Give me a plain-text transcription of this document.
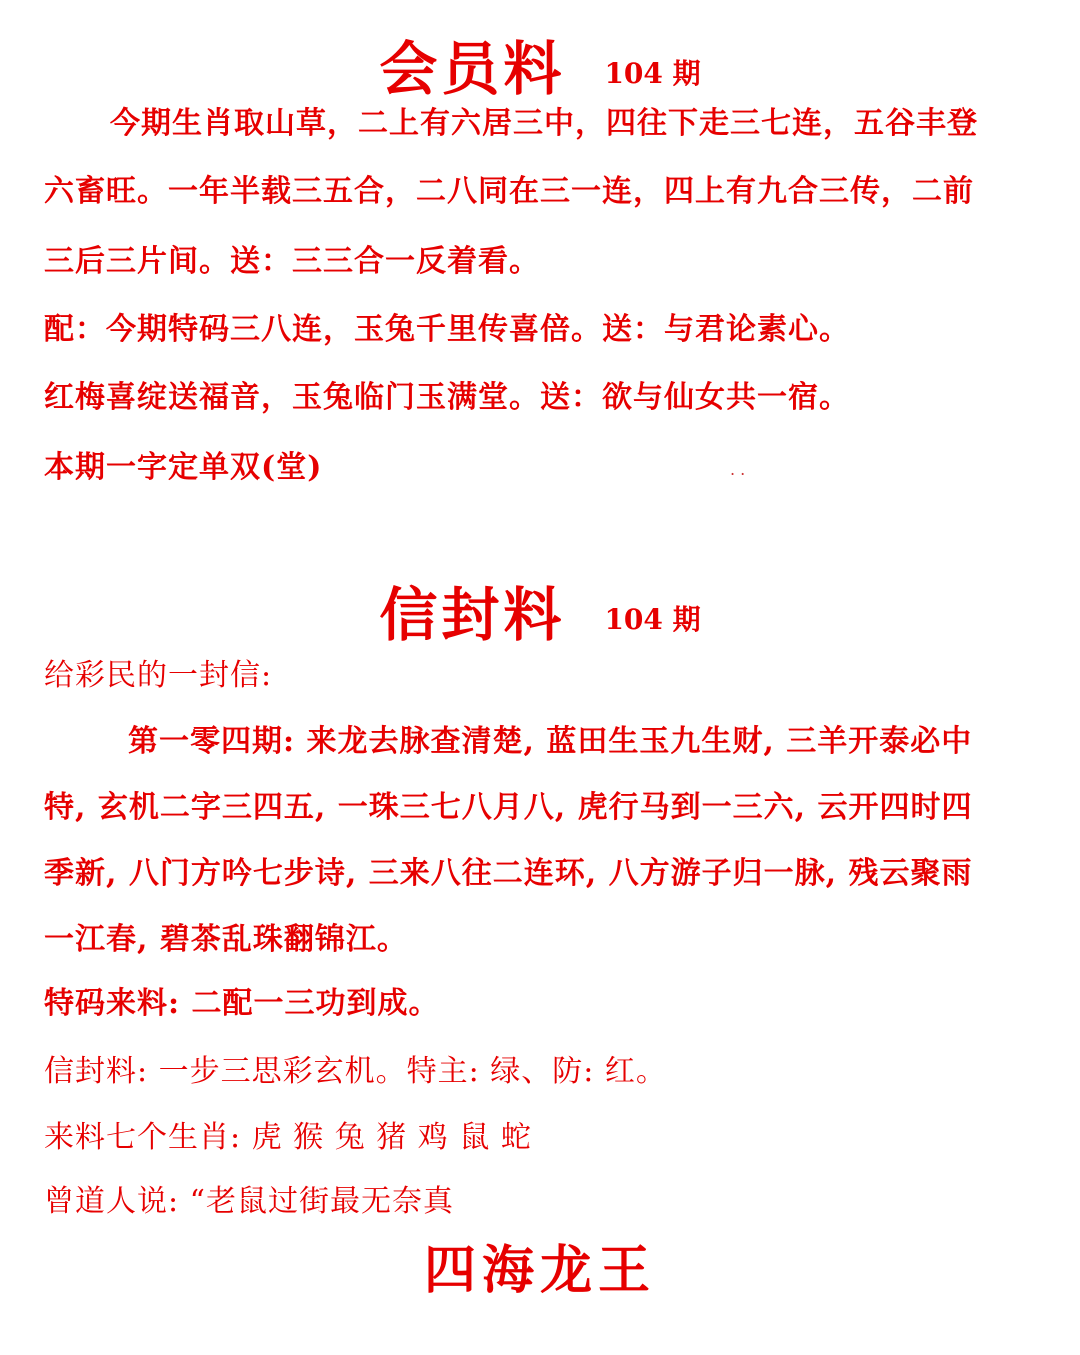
会员料 104 期
今期生肖取山草，二上有六居三中，四往下走三七连，五谷丰登
六畜旺。一年半载三五合，二八同在三一连，四上有九合三传，二前
三后三片间。送：三三合一反着看。
配：今期特码三八连，玉兔千里传喜倍。送：与君论素心。
红梅喜绽送福音，玉兔临门玉满堂。送：欲与仙女共一宿。
本期一字定单双(堂)	. .
信封料 104 期
给彩民的一封信:
第一零四期: 来龙去脉查清楚, 蓝田生玉九生财, 三羊开泰必中
特, 玄机二字三四五, 一珠三七八月八, 虎行马到一三六, 云开四时四
季新, 八门方吟七步诗, 三来八往二连环, 八方游子归一脉, 残云聚雨
一江春, 碧茶乱珠翻锦江。
特码来料: 二配一三功到成。
信封料: 一步三思彩玄机。特主: 绿、防: 红。
来料七个生肖: 虎 猴 兔 猪 鸡 鼠 蛇
曾道人说: “老鼠过街最无奈真
四海龙王
